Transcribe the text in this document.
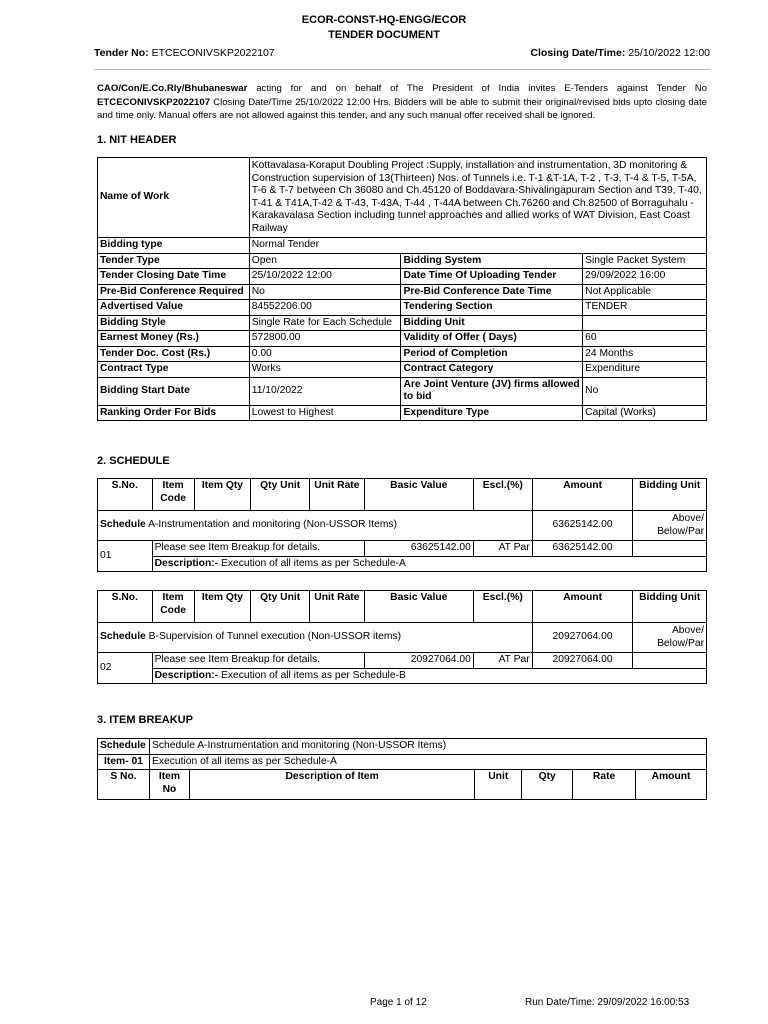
ECOR-CONST-HQ-ENGG/ECOR
TENDER DOCUMENT
Tender No: ETCECONIVSKP2022107	Closing Date/Time: 25/10/2022 12:00
CAO/Con/E.Co.Rly/Bhubaneswar acting for and on behalf of The President of India invites E-Tenders against Tender No ETCECONIVSKP2022107 Closing Date/Time 25/10/2022 12:00 Hrs. Bidders will be able to submit their original/revised bids upto closing date and time only. Manual offers are not allowed against this tender, and any such manual offer received shall be ignored.
1. NIT HEADER
Name of Work	Kottavalasa-Koraput Doubling Project :Supply, installation and instrumentation, 3D monitoring & Construction supervision of 13(Thirteen) Nos. of Tunnels i.e. T-1 &T-1A, T-2 , T-3, T-4 & T-5, T-5A, T-6 & T-7 between Ch 36080 and Ch.45120 of Boddavara-Shivalingapuram Section and T39, T-40, T-41 & T41A,T-42 & T-43, T-43A, T-44 , T-44A between Ch.76260 and Ch.82500 of Borraguhalu - Karakavalasa Section including tunnel approaches and allied works of WAT Division, East Coast Railway		
Bidding type	Normal Tender		
Tender Type	Open	Bidding System	Single Packet System
Tender Closing Date Time	25/10/2022 12:00	Date Time Of Uploading Tender	29/09/2022 16:00
Pre-Bid Conference Required	No	Pre-Bid Conference Date Time	Not Applicable
Advertised Value	84552206.00	Tendering Section	TENDER
Bidding Style	Single Rate for Each Schedule	Bidding Unit	
Earnest Money (Rs.)	572800.00	Validity of Offer ( Days)	60
Tender Doc. Cost (Rs.)	0.00	Period of Completion	24 Months
Contract Type	Works	Contract Category	Expenditure
Bidding Start Date	11/10/2022	Are Joint Venture (JV) firms allowed to bid	No
Ranking Order For Bids	Lowest to Highest	Expenditure Type	Capital (Works)
2. SCHEDULE
S.No.	Item Code	Item Qty	Qty Unit	Unit Rate	Basic Value	Escl.(%)	Amount	Bidding Unit
Schedule A-Instrumentation and monitoring (Non-USSOR Items)							63625142.00	Above/ Below/Par
01	Please see Item Breakup for details.				63625142.00	AT Par	63625142.00	
	Description:- Execution of all items as per Schedule-A							
S.No.	Item Code	Item Qty	Qty Unit	Unit Rate	Basic Value	Escl.(%)	Amount	Bidding Unit
Schedule B-Supervision of Tunnel execution (Non-USSOR items)							20927064.00	Above/ Below/Par
02	Please see Item Breakup for details.				20927064.00	AT Par	20927064.00	
	Description:- Execution of all items as per Schedule-B							
3. ITEM BREAKUP
Schedule	Schedule A-Instrumentation and monitoring (Non-USSOR Items)					
Item- 01	Execution of all items as per Schedule-A					
S No.	Item No	Description of Item	Unit	Qty	Rate	Amount
Page 1 of 12	Run Date/Time: 29/09/2022 16:00:53
